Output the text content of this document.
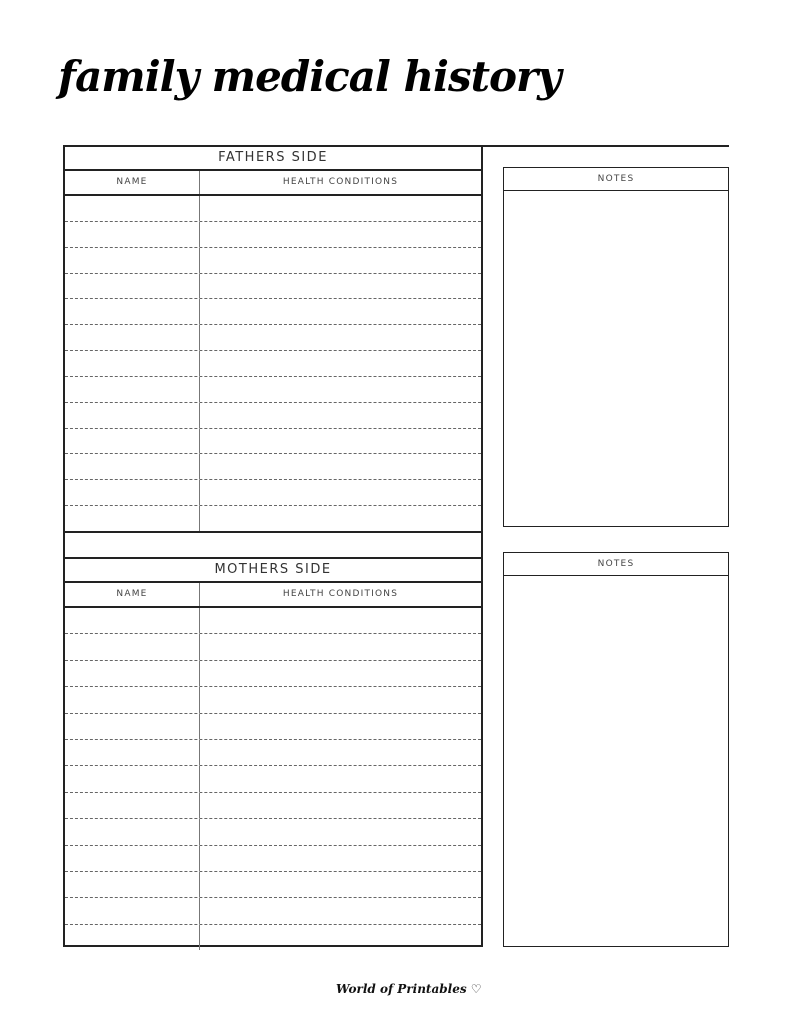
family medical history
FATHERS SIDE
NAME	HEALTH CONDITIONS
MOTHERS SIDE
NAME	HEALTH CONDITIONS
NOTES
NOTES
World of Printables ♡
